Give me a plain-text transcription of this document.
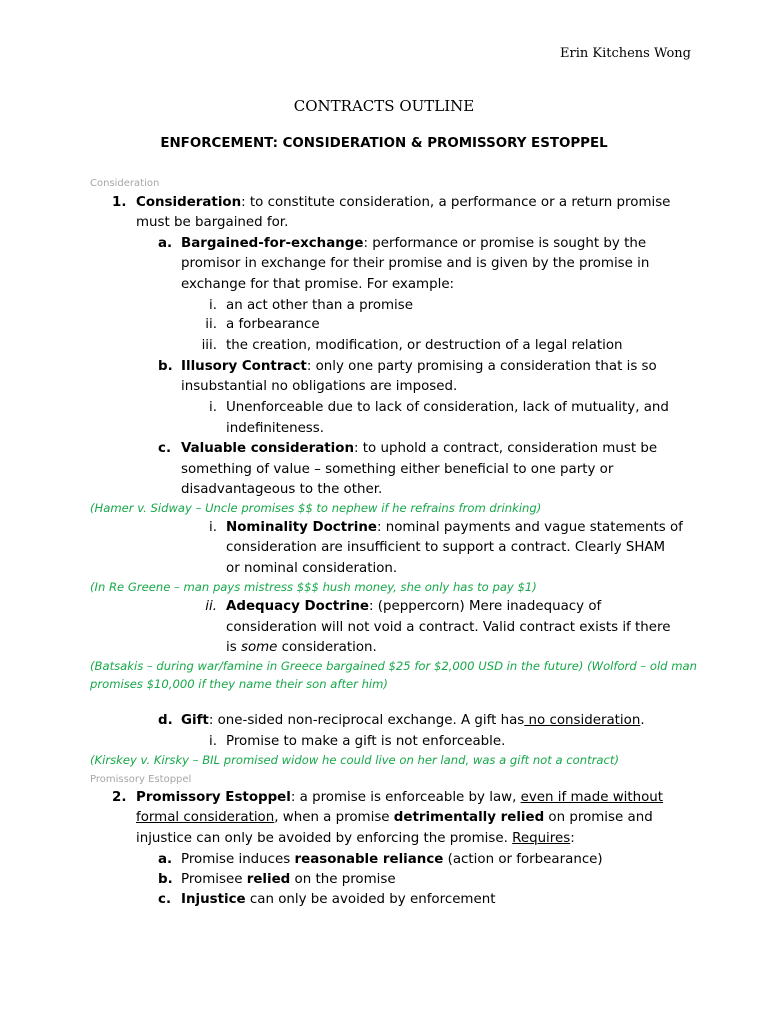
Erin Kitchens Wong
CONTRACTS OUTLINE
ENFORCEMENT: CONSIDERATION & PROMISSORY ESTOPPEL
Consideration
1. Consideration: to constitute consideration, a performance or a return promise
must be bargained for.
a. Bargained-for-exchange: performance or promise is sought by the
promisor in exchange for their promise and is given by the promise in
exchange for that promise. For example:
i. an act other than a promise
ii. a forbearance
iii. the creation, modification, or destruction of a legal relation
b. Illusory Contract: only one party promising a consideration that is so
insubstantial no obligations are imposed.
i. Unenforceable due to lack of consideration, lack of mutuality, and
indefiniteness.
c. Valuable consideration: to uphold a contract, consideration must be
something of value – something either beneficial to one party or
disadvantageous to the other.
(Hamer v. Sidway – Uncle promises $$ to nephew if he refrains from drinking)
i. Nominality Doctrine: nominal payments and vague statements of
consideration are insufficient to support a contract. Clearly SHAM
or nominal consideration.
(In Re Greene – man pays mistress $$$ hush money, she only has to pay $1)
ii. Adequacy Doctrine: (peppercorn) Mere inadequacy of
consideration will not void a contract. Valid contract exists if there
is some consideration.
(Batsakis – during war/famine in Greece bargained $25 for $2,000 USD in the future) (Wolford – old man
promises $10,000 if they name their son after him)
d. Gift: one-sided non-reciprocal exchange. A gift has no consideration.
i. Promise to make a gift is not enforceable.
(Kirskey v. Kirsky – BIL promised widow he could live on her land, was a gift not a contract)
Promissory Estoppel
2. Promissory Estoppel: a promise is enforceable by law, even if made without
formal consideration, when a promise detrimentally relied on promise and
injustice can only be avoided by enforcing the promise. Requires:
a. Promise induces reasonable reliance (action or forbearance)
b. Promisee relied on the promise
c. Injustice can only be avoided by enforcement
